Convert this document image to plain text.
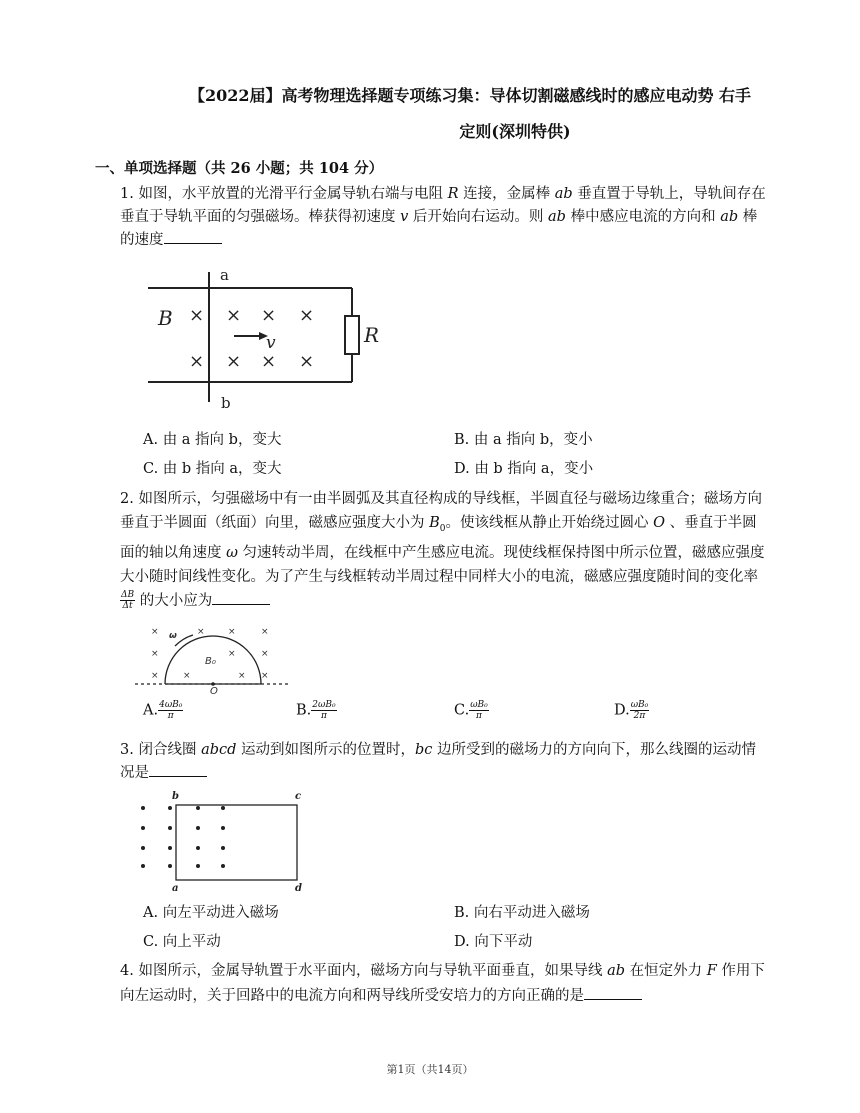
【2022届】高考物理选择题专项练习集：导体切割磁感线时的感应电动势 右手
定则(深圳特供)
一、单项选择题（共 26 小题；共 104 分）
1. 如图，水平放置的光滑平行金属导轨右端与电阻 R 连接，金属棒 ab 垂直置于导轨上，导轨间存在垂直于导轨平面的匀强磁场。棒获得初速度 v 后开始向右运动。则 ab 棒中感应电流的方向和 ab 棒的速度
a
b
B
v	R
× × × ×
× × × ×
A. 由 a 指向 b，变大	B. 由 a 指向 b，变小
C. 由 b 指向 a，变大	D. 由 b 指向 a，变小
2. 如图所示，匀强磁场中有一由半圆弧及其直径构成的导线框，半圆直径与磁场边缘重合；磁场方向垂直于半圆面（纸面）向里，磁感应强度大小为 $B_0$。使该线框从静止开始绕过圆心 O 、垂直于半圆面的轴以角速度 ω 匀速转动半周，在线框中产生感应电流。现使线框保持图中所示位置，磁感应强度大小随时间线性变化。为了产生与线框转动半周过程中同样大小的电流，磁感应强度随时间的变化率
$\frac{\Delta B}{\Delta t}$ 的大小应为
×	×	×	×
×	×	×
×	×	× ×
ω
B₀
O
A. $\frac{\text{4ωB₀}}{\pi}$	B. $\frac{\text{2ωB₀}}{\pi}$	C. $\frac{\text{ωB₀}}{\pi}$	D. $\frac{\text{ωB₀}}{2\pi}$
3. 闭合线圈 abcd 运动到如图所示的位置时，bc 边所受到的磁场力的方向向下，那么线圈的运动情况是
b	c
a	d
A. 向左平动进入磁场	B. 向右平动进入磁场
C. 向上平动	D. 向下平动
4. 如图所示，金属导轨置于水平面内，磁场方向与导轨平面垂直，如果导线 ab 在恒定外力 F 作用下向左运动时，关于回路中的电流方向和两导线所受安培力的方向正确的是
第1页（共14页）
